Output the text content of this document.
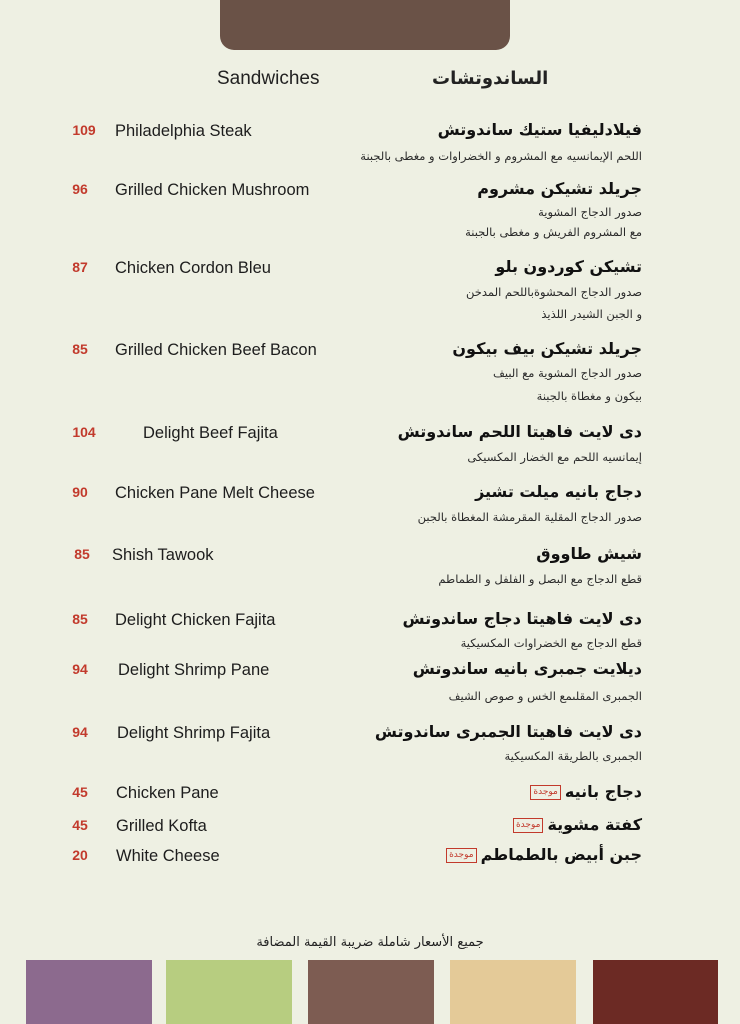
Sandwiches	الساندوتشات
109	Philadelphia Steak	فيلادليفيا ستيك ساندوتش
اللحم الإيمانسيه مع المشروم و الخضراوات و مغطى بالجبنة
96	Grilled Chicken Mushroom	جريلد تشيكن مشروم
صدور الدجاج المشوية
مع المشروم الفريش و مغطى بالجبنة
87	Chicken Cordon Bleu	تشيكن كوردون بلو
صدور الدجاج المحشوةباللحم المدخن
و الجبن الشيدر اللذيذ
85	Grilled Chicken Beef Bacon	جريلد تشيكن بيف بيكون
صدور الدجاج المشوية مع البيف
بيكون و مغطاة بالجبنة
104	Delight Beef Fajita	دى لايت فاهيتا اللحم ساندوتش
إيمانسيه اللحم مع الخضار المكسيكى
90	Chicken Pane Melt Cheese	دجاج بانيه ميلت تشيز
صدور الدجاج المقلية المقرمشة المغطاة بالجبن
85	Shish Tawook	شيش طاووق
قطع الدجاج مع البصل و الفلفل و الطماطم
85	Delight Chicken Fajita	دى لايت فاهيتا دجاج ساندوتش
قطع الدجاج مع الخضراوات المكسيكية
94	Delight Shrimp Pane	ديلايت جمبرى بانيه ساندوتش
الجمبرى المقلىمع الخس و صوص الشيف
94	Delight Shrimp Fajita	دى لايت فاهيتا الجمبرى ساندوتش
الجمبرى بالطريقة المكسيكية
45	Chicken Pane	دجاج بانيهموجدة
45	Grilled Kofta	كفتة مشويةموجدة
20	White Cheese	جبن أبيض بالطماطمموجدة
جميع الأسعار شاملة ضريبة القيمة المضافة
